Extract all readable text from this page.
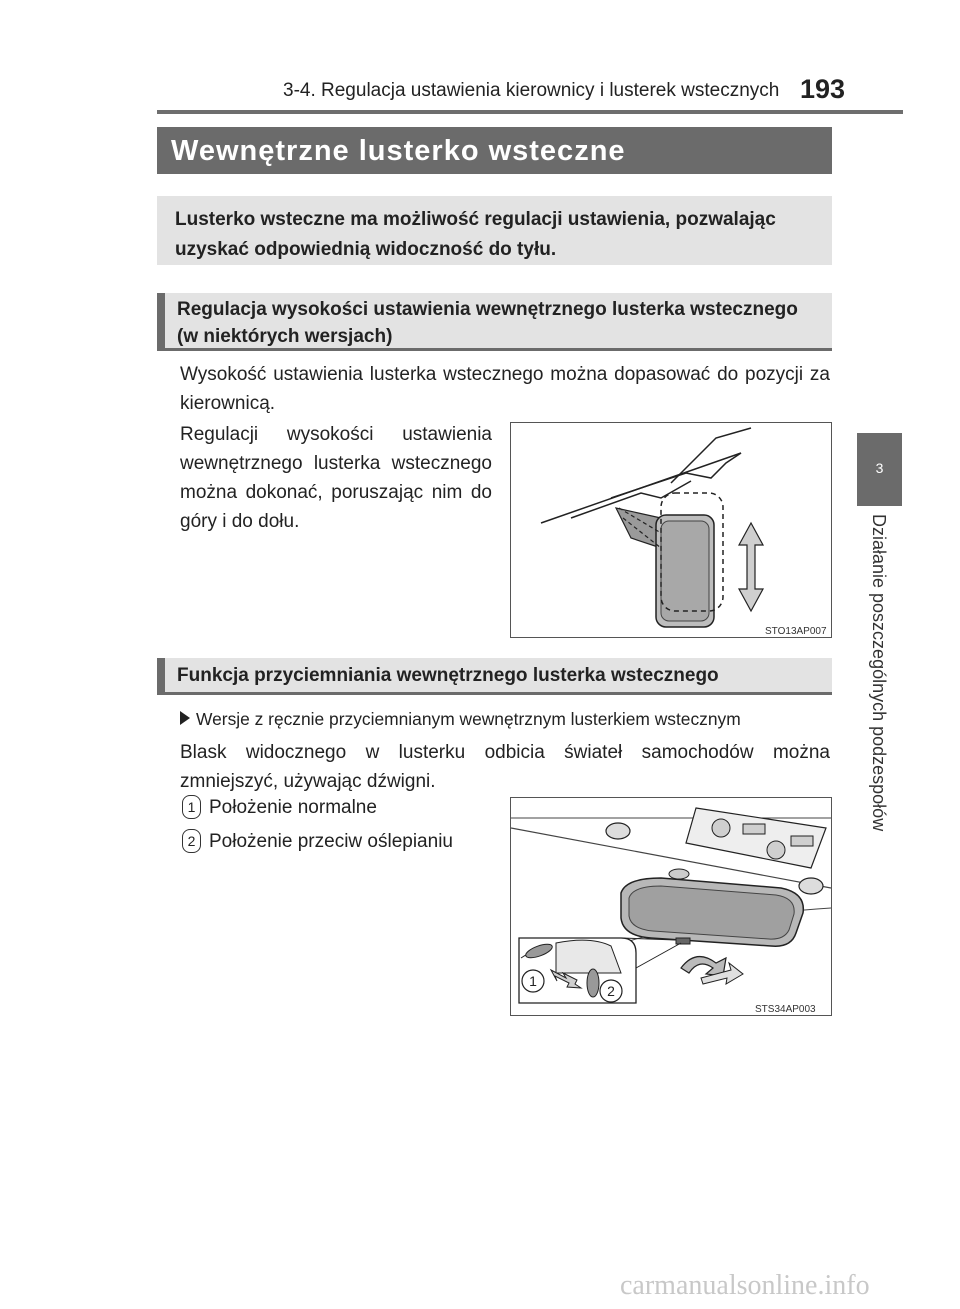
3-4. Regulacja ustawienia kierownicy i lusterek wstecznych 193
Wewnętrzne lusterko wsteczne
Lusterko wsteczne ma możliwość regulacji ustawienia, pozwalając uzyskać odpowiednią widoczność do tyłu.
Regulacja wysokości ustawienia wewnętrznego lusterka wstecznego (w niektórych wersjach)
Wysokość ustawienia lusterka wstecznego można dopasować do pozycji za kierownicą.
Regulacji wysokości ustawienia wewnętrznego lusterka wstecznego można dokonać, poruszając nim do góry i do dołu.
STO13AP007
Funkcja przyciemniania wewnętrznego lusterka wstecznego
Wersje z ręcznie przyciemnianym wewnętrznym lusterkiem wstecznym
Blask widocznego w lusterku odbicia świateł samochodów można zmniejszyć, używając dźwigni.
1 Położenie normalne
2 Położenie przeciw oślepianiu
1
2
STS34AP003
3
Działanie poszczególnych podzespołów
carmanualsonline.info
